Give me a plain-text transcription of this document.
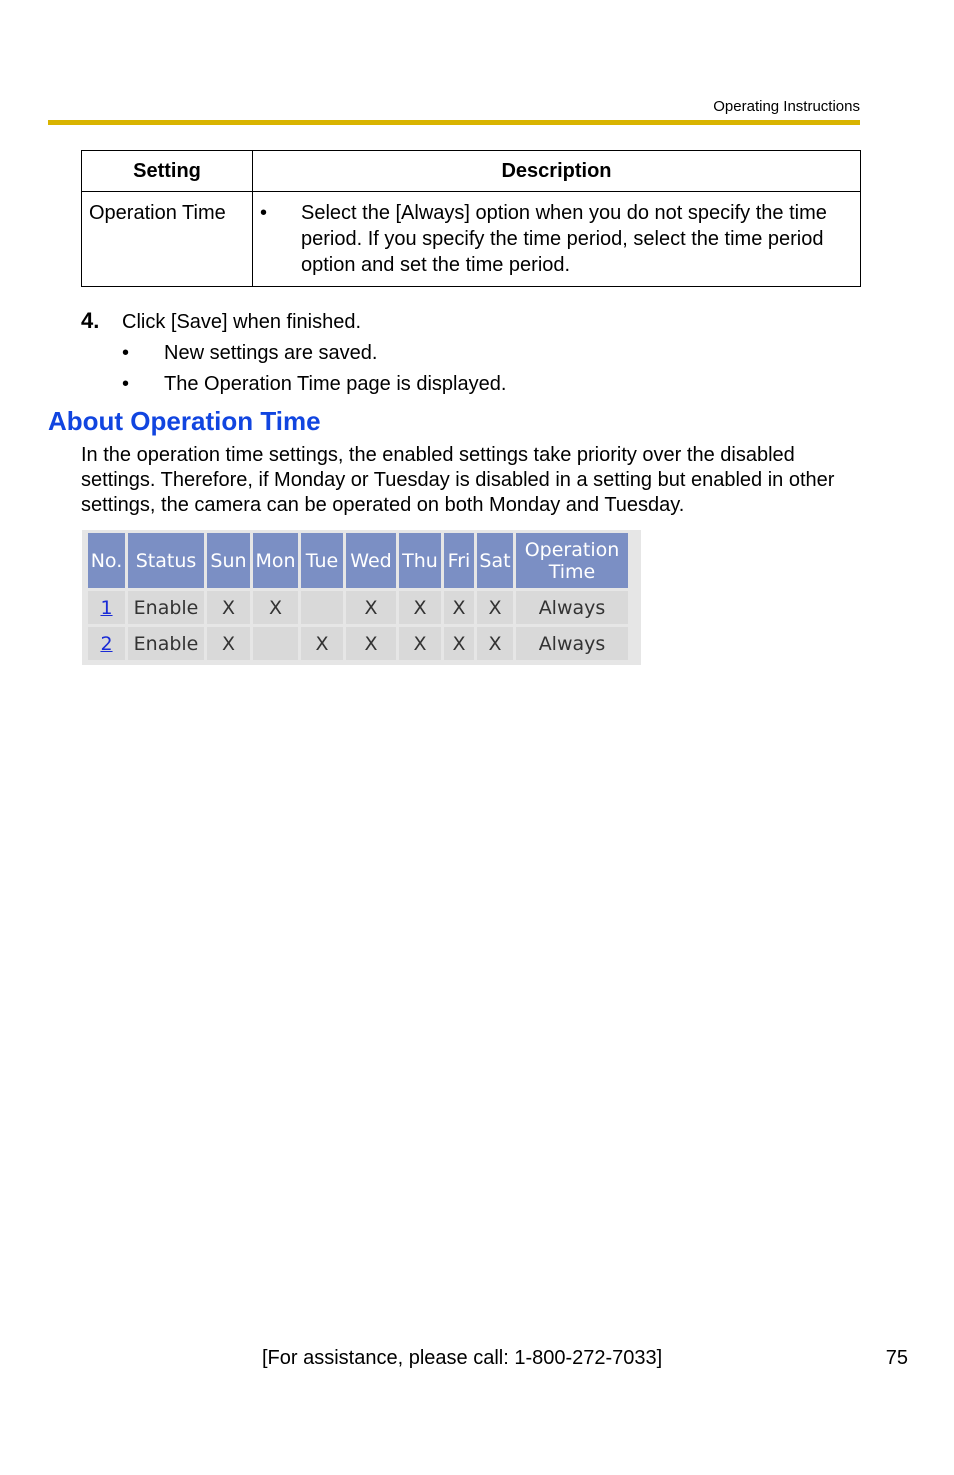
Operating Instructions
Setting	Description
Operation Time	• Select the [Always] option when you do not specify the time period. If you specify the time period, select the time period option and set the time period.
4. Click [Save] when finished.
• New settings are saved.
• The Operation Time page is displayed.
About Operation Time

In the operation time settings, the enabled settings take priority over the disabled settings. Therefore, if Monday or Tuesday is disabled in a setting but enabled in other settings, the camera can be operated on both Monday and Tuesday.

No.	Status	Sun	Mon	Tue	Wed	Thu	Fri	Sat	Operation Time
1	Enable	X	X		X	X	X	X	Always
2	Enable	X		X	X	X	X	X	Always
[For assistance, please call: 1-800-272-7033]	75
